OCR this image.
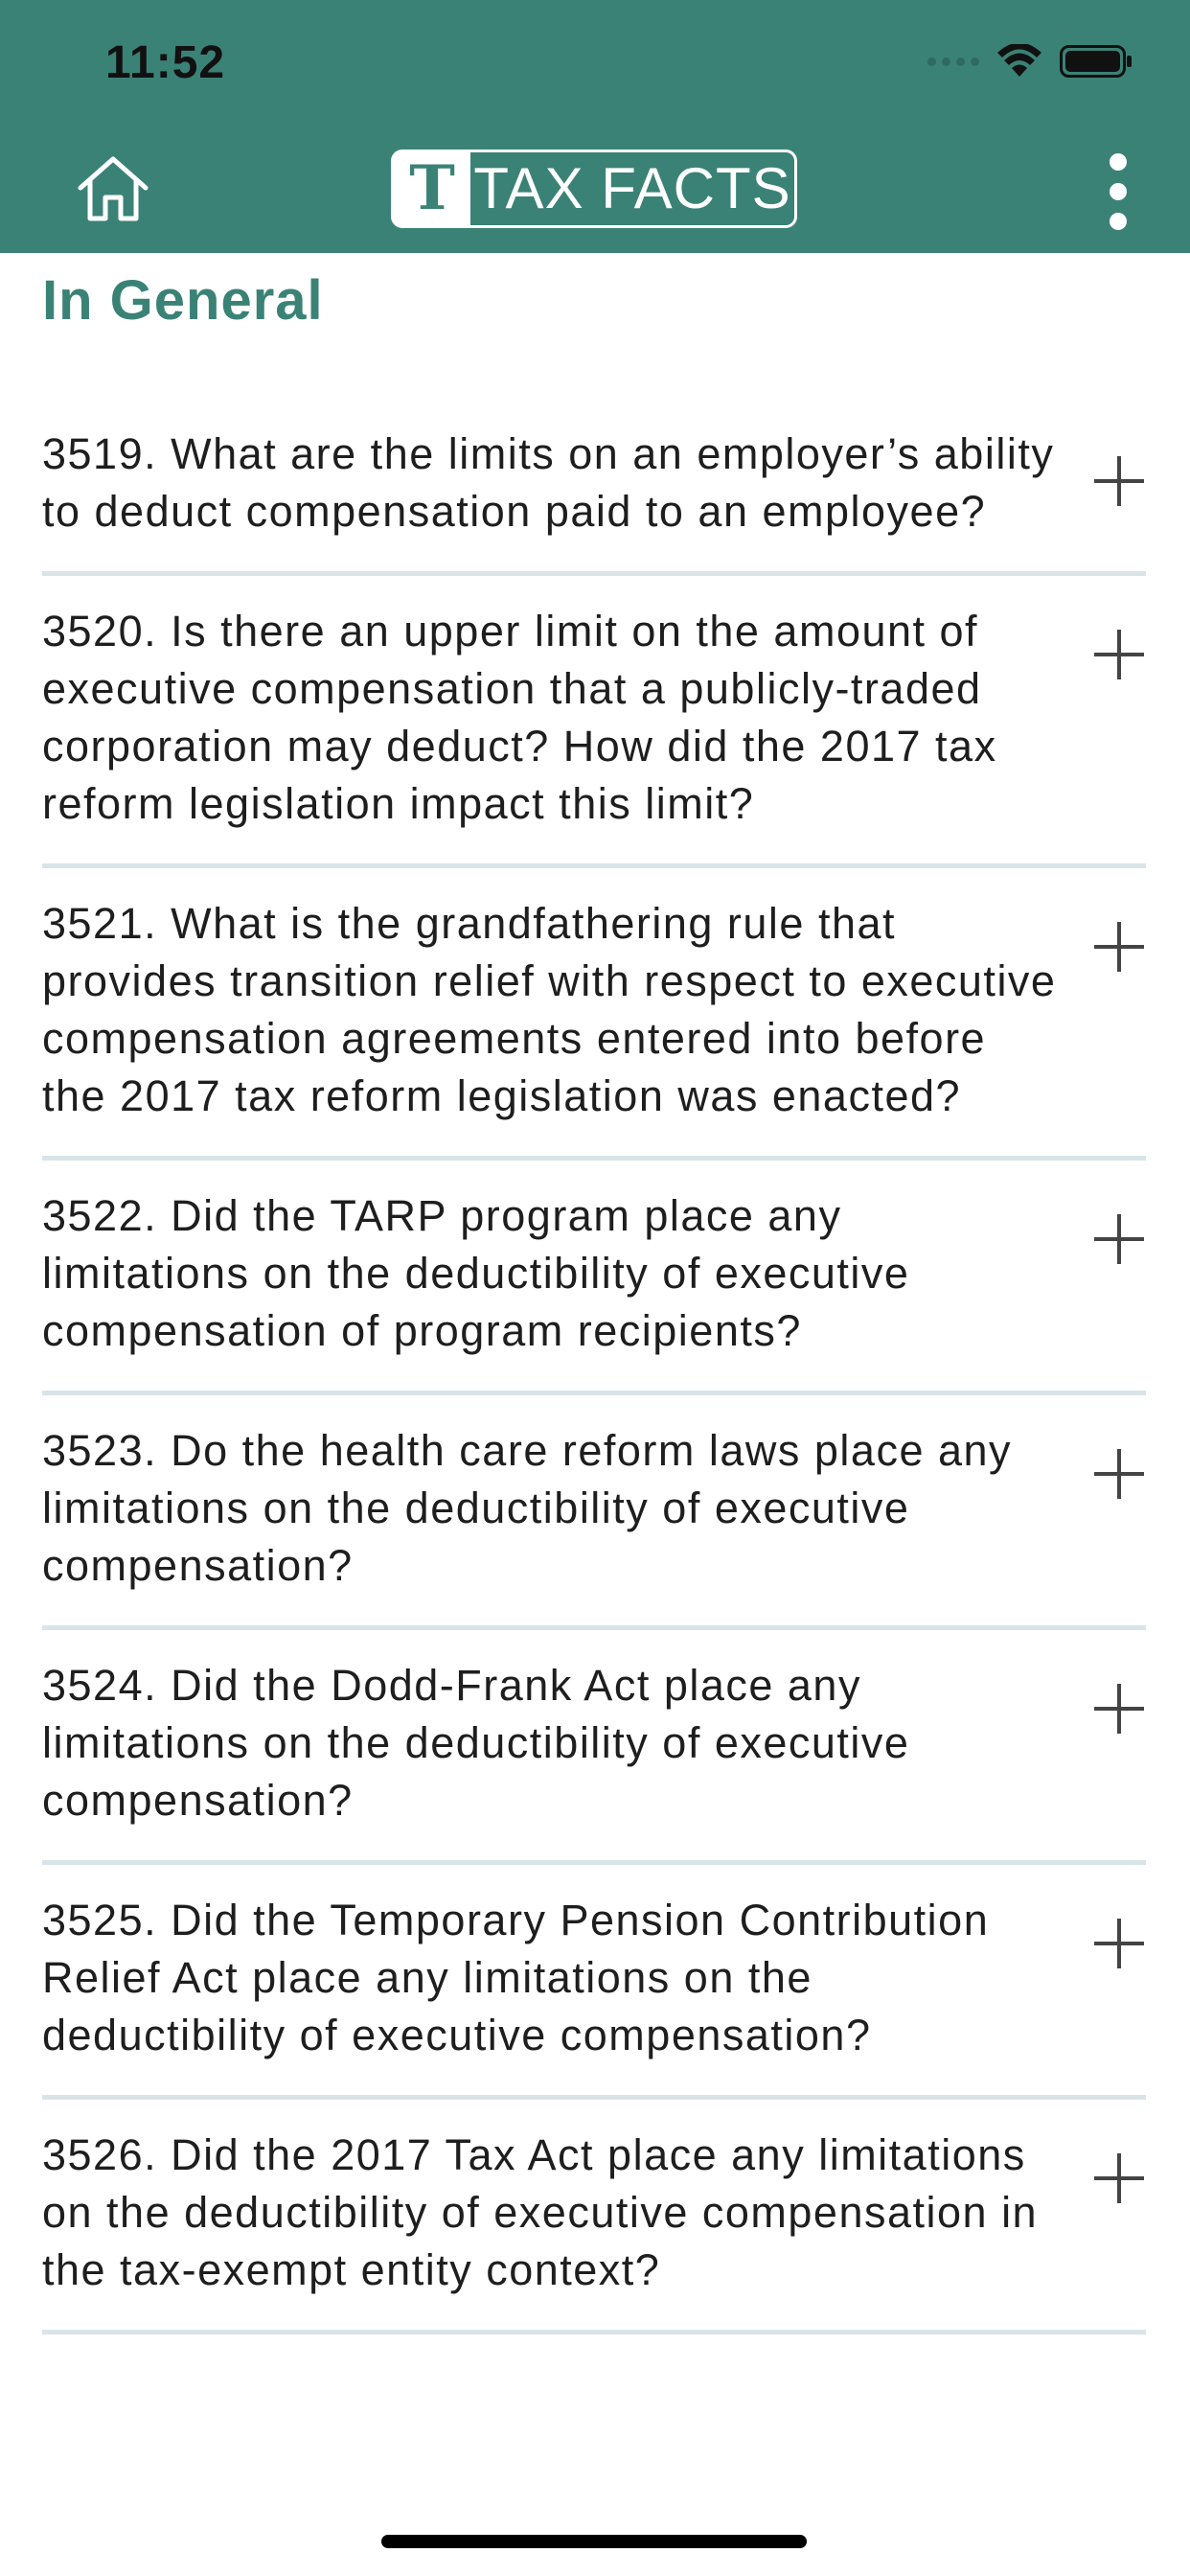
11:52
T TAX FACTS
In General
3519. What are the limits on an employer’s ability to deduct compensation paid to an employee?
3520. Is there an upper limit on the amount of executive compensation that a publicly-traded corporation may deduct? How did the 2017 tax reform legislation impact this limit?
3521. What is the grandfathering rule that provides transition relief with respect to executive compensation agreements entered into before the 2017 tax reform legislation was enacted?
3522. Did the TARP program place any limitations on the deductibility of executive compensation of program recipients?
3523. Do the health care reform laws place any limitations on the deductibility of executive compensation?
3524. Did the Dodd-Frank Act place any limitations on the deductibility of executive compensation?
3525. Did the Temporary Pension Contribution Relief Act place any limitations on the deductibility of executive compensation?
3526. Did the 2017 Tax Act place any limitations on the deductibility of executive compensation in the tax-exempt entity context?
